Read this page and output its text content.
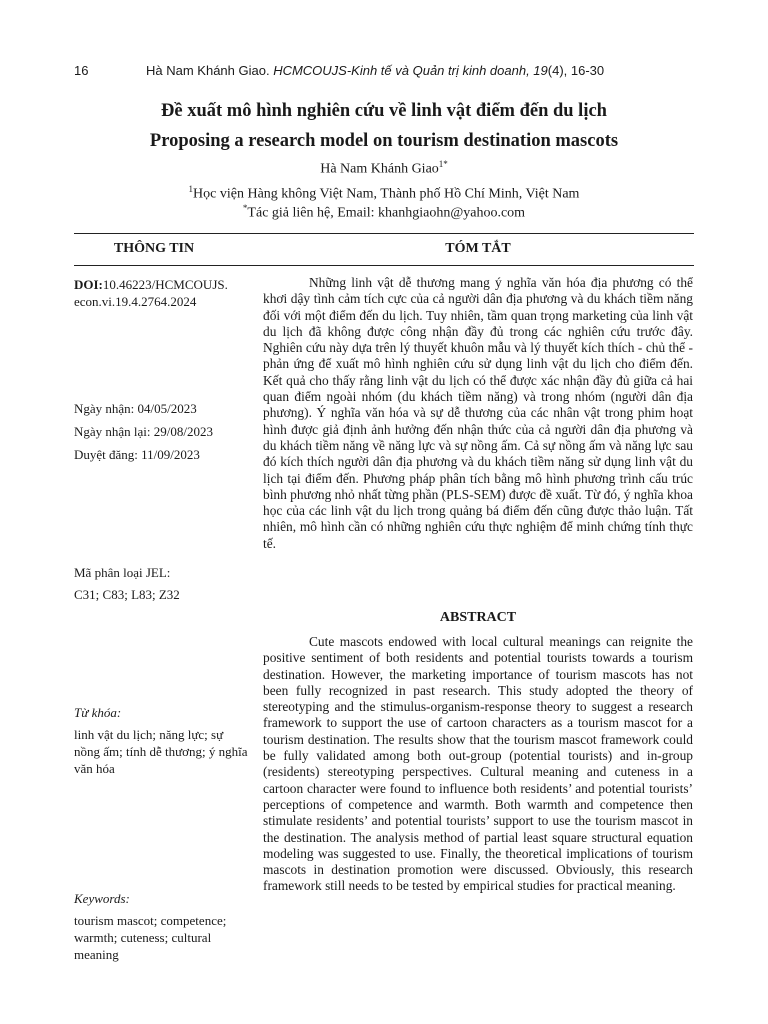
16	Hà Nam Khánh Giao. HCMCOUJS-Kinh tế và Quản trị kinh doanh, 19(4), 16-30
Đề xuất mô hình nghiên cứu về linh vật điểm đến du lịch
Proposing a research model on tourism destination mascots
Hà Nam Khánh Giao$^{1*}$
$^1$Học viện Hàng không Việt Nam, Thành phố Hồ Chí Minh, Việt Nam
*Tác giả liên hệ, Email: khanhgiaohn@yahoo.com
THÔNG TIN	TÓM TẮT
DOI:10.46223/HCMCOUJS.
econ.vi.19.4.2764.2024
Ngày nhận: 04/05/2023
Ngày nhận lại: 29/08/2023
Duyệt đăng: 11/09/2023
Mã phân loại JEL:
C31; C83; L83; Z32
Từ khóa:
linh vật du lịch; năng lực; sự nồng ấm; tính dễ thương; ý nghĩa văn hóa
Keywords:
tourism mascot; competence; warmth; cuteness; cultural meaning
Những linh vật dễ thương mang ý nghĩa văn hóa địa phương có thể khơi dậy tình cảm tích cực của cả người dân địa phương và du khách tiềm năng đối với một điểm đến du lịch. Tuy nhiên, tầm quan trọng marketing của linh vật du lịch đã không được công nhận đầy đủ trong các nghiên cứu trước đây. Nghiên cứu này dựa trên lý thuyết khuôn mẫu và lý thuyết kích thích - chủ thể - phản ứng để xuất mô hình nghiên cứu sử dụng linh vật du lịch cho điểm đến. Kết quả cho thấy rằng linh vật du lịch có thể được xác nhận đầy đủ giữa cả hai quan điểm ngoài nhóm (du khách tiềm năng) và trong nhóm (người dân địa phương). Ý nghĩa văn hóa và sự dễ thương của các nhân vật trong phim hoạt hình được giả định ảnh hưởng đến nhận thức của cả người dân địa phương và du khách tiềm năng về năng lực và sự nồng ấm. Cả sự nồng ấm và năng lực sau đó kích thích người dân địa phương và du khách tiềm năng sử dụng linh vật du lịch tại điểm đến. Phương pháp phân tích bằng mô hình phương trình cấu trúc bình phương nhỏ nhất từng phần (PLS-SEM) được đề xuất. Từ đó, ý nghĩa khoa học của các linh vật du lịch trong quảng bá điểm đến cũng được thảo luận. Tất nhiên, mô hình cần có những nghiên cứu thực nghiệm để minh chứng tính thực tế.
ABSTRACT
Cute mascots endowed with local cultural meanings can reignite the positive sentiment of both residents and potential tourists towards a tourism destination. However, the marketing importance of tourism mascots has not been fully recognized in past research. This study adopted the theory of stereotyping and the stimulus-organism-response theory to suggest a research framework to support the use of cartoon characters as a tourism mascot for a tourism destination. The results show that the tourism mascot framework could be fully validated among both out-group (potential tourists) and in-group (residents) stereotyping perspectives. Cultural meaning and cuteness in a cartoon character were found to influence both residents’ and potential tourists’ perceptions of competence and warmth. Both warmth and competence then stimulate residents’ and potential tourists’ support to use the tourism mascot in the destination. The analysis method of partial least square structural equation modeling was suggested to use. Finally, the theoretical implications of tourism mascots in destination promotion were discussed. Obviously, this research framework still needs to be tested by empirical studies for practical meaning.
